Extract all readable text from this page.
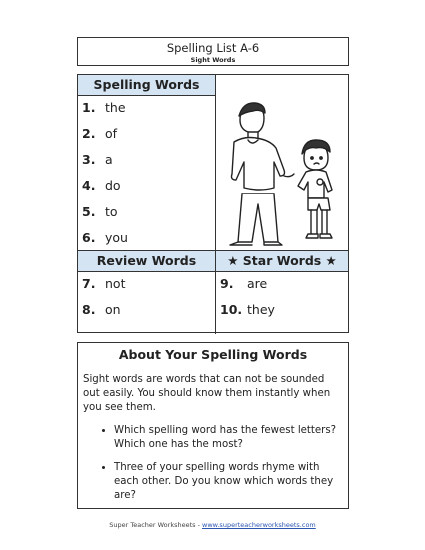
Spelling List A-6
Sight Words
Spelling Words
1. the
2. of
3. a
4. do
5. to
6. you
Review Words	★ Star Words ★
7. not
8. on
9. are
10. they
About Your Spelling Words
Sight words are words that can not be sounded out easily. You should know them instantly when you see them.
• Which spelling word has the fewest letters? Which one has the most?
• Three of your spelling words rhyme with each other. Do you know which words they are?
Super Teacher Worksheets - www.superteacherworksheets.com
